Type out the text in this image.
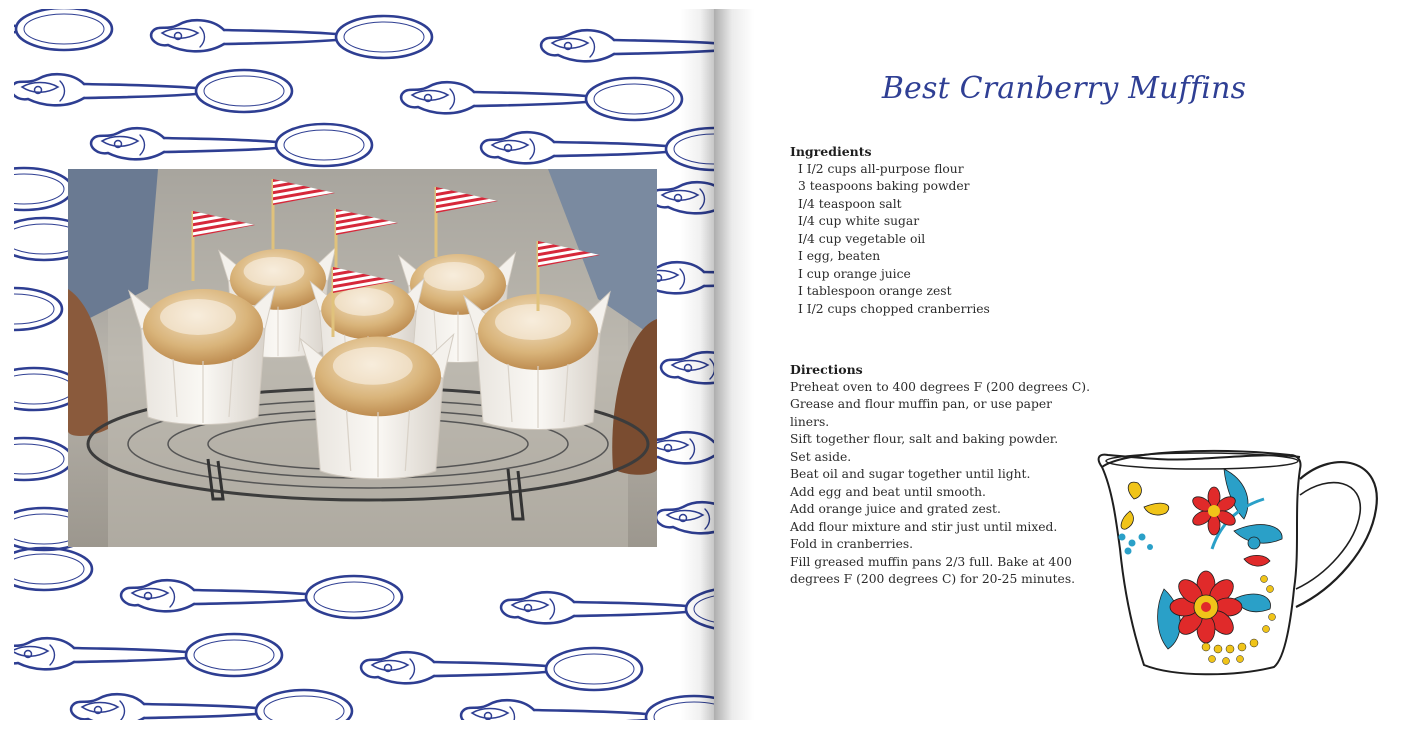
Best Cranberry Muffins
Ingredients
I I/2 cups all-purpose flour
3 teaspoons baking powder
I/4 teaspoon salt
I/4 cup white sugar
I/4 cup vegetable oil
I egg, beaten
I cup orange juice
I tablespoon orange zest
I I/2 cups chopped cranberries
Directions
Preheat oven to 400 degrees F (200 degrees C).
Grease and flour muffin pan, or use paper
liners.
Sift together flour, salt and baking powder.
Set aside.
Beat oil and sugar together until light.
Add egg and beat until smooth.
Add orange juice and grated zest.
Add flour mixture and stir just until mixed.
Fold in cranberries.
Fill greased muffin pans 2/3 full. Bake at 400
degrees F (200 degrees C) for 20-25 minutes.
